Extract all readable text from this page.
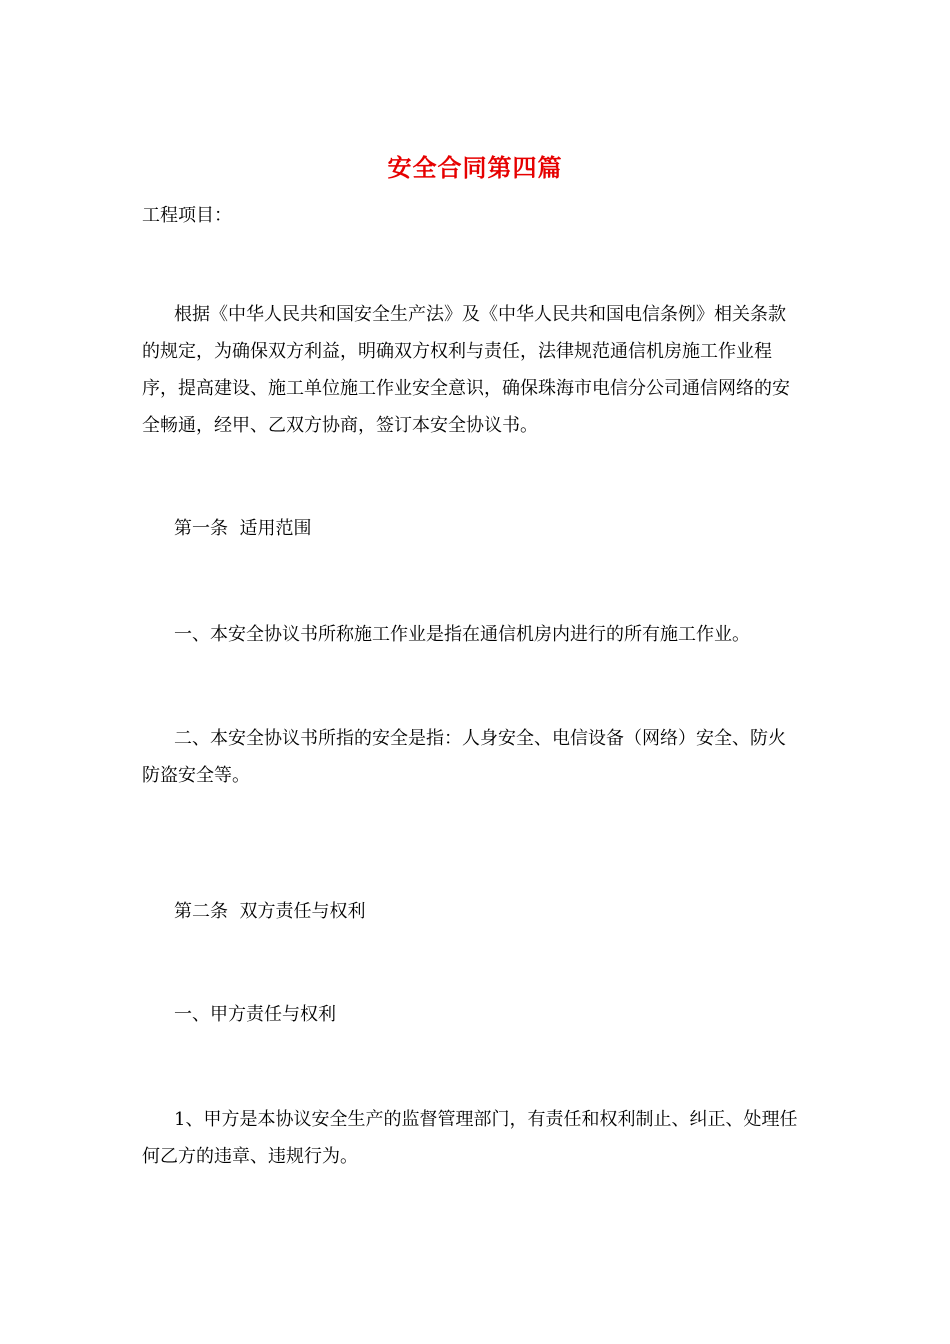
安全合同第四篇
工程项目：
根据《中华人民共和国安全生产法》及《中华人民共和国电信条例》相关条款的规定，为确保双方利益，明确双方权利与责任，法律规范通信机房施工作业程序，提高建设、施工单位施工作业安全意识，确保珠海市电信分公司通信网络的安全畅通，经甲、乙双方协商，签订本安全协议书。
第一条  适用范围
一、本安全协议书所称施工作业是指在通信机房内进行的所有施工作业。
二、本安全协议书所指的安全是指：人身安全、电信设备（网络）安全、防火防盗安全等。
第二条  双方责任与权利
一、甲方责任与权利
1、甲方是本协议安全生产的监督管理部门，有责任和权利制止、纠正、处理任何乙方的违章、违规行为。
